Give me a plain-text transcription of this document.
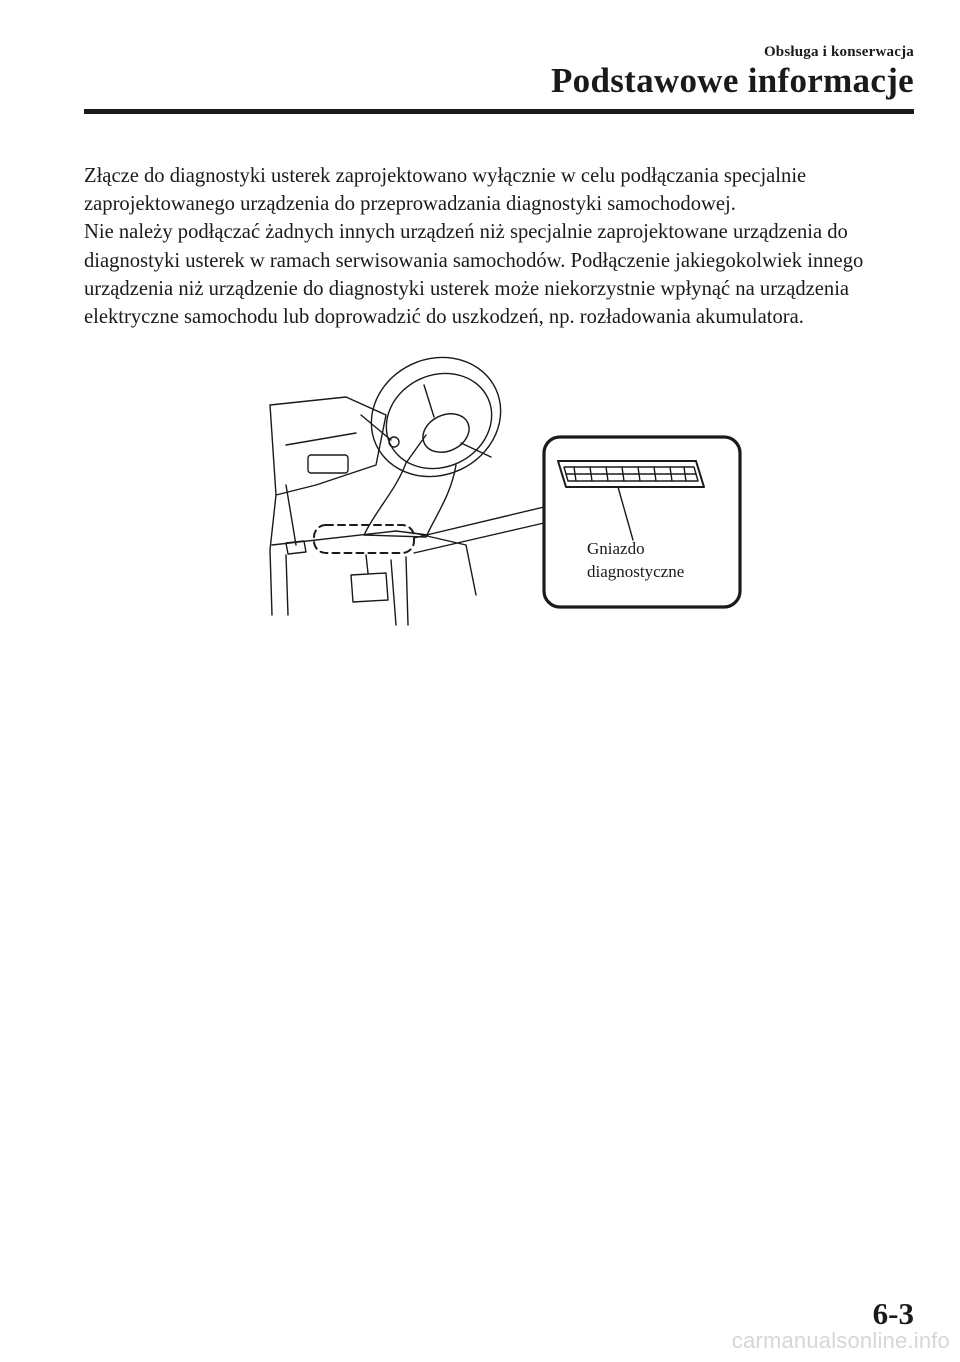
Obsługa i konserwacja
Podstawowe informacje

Złącze do diagnostyki usterek zaprojektowano wyłącznie w celu podłączania specjalnie zaprojektowanego urządzenia do przeprowadzania diagnostyki samochodowej.

Nie należy podłączać żadnych innych urządzeń niż specjalnie zaprojektowane urządzenia do diagnostyki usterek w ramach serwisowania samochodów. Podłączenie jakiegokolwiek innego urządzenia niż urządzenie do diagnostyki usterek może niekorzystnie wpłynąć na urządzenia elektryczne samochodu lub doprowadzić do uszkodzeń, np. rozładowania akumulatora.

Gniazdo
diagnostyczne
6-3
carmanualsonline.info
